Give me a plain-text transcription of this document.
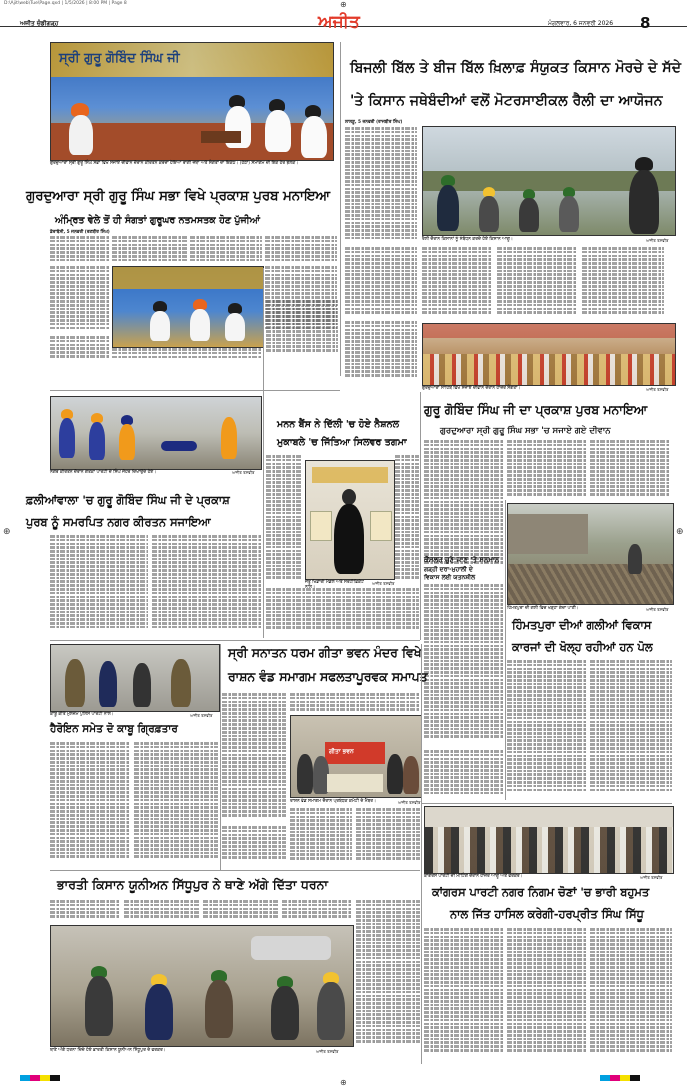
⊕	⊕
⊕
⊕
D:\Ajit\web\Tue\Page.qxd | 1/5/2026 | 8:00 PM | Page 8
ਅਜੀਤ ਚੰਡੀਗੜ੍ਹ	ਅਜੀਤ	ਮੰਗਲਵਾਰ, 6 ਜਨਵਰੀ 2026 8
ਸ੍ਰੀ ਗੁਰੂ ਗੋਬਿੰਦ ਸਿੰਘ ਜੀ
ਗੁਰਦੁਆਰਾ ਸ੍ਰੀ ਗੁਰੂ ਸਿੰਘ ਸਭਾ ਵਿਖੇ ਸਜਾਏ ਦੀਵਾਨ ਦੌਰਾਨ ਕੀਰਤਨ ਕਰਦਾ ਹੋਇਆ ਰਾਗੀ ਜਥਾ ਅਤੇ ਸੰਗਤਾਂ ਦਾ ਇਕੱਠ। (ਹੇਠਾਂ) ਸਮਾਗਮ ਦੀ ਇਕ ਹੋਰ ਝਲਕ।
ਗੁਰਦੁਆਰਾ ਸ੍ਰੀ ਗੁਰੂ ਸਿੰਘ ਸਭਾ ਵਿਖੇ ਪ੍ਰਕਾਸ਼ ਪੁਰਬ ਮਨਾਇਆ
ਅੰਮ੍ਰਿਤ ਵੇਲੇ ਤੋਂ ਹੀ ਸੰਗਤਾਂ ਗੁਰੂਘਰ ਨਤਮਸਤਕ ਹੋਣ ਪੁੱਜੀਆਂ
ਡੇਰਾਬੱਸੀ, 5 ਜਨਵਰੀ (ਰਣਬੀਰ ਸਿੰਘ)

ਬਿਜਲੀ ਬਿੱਲ ਤੇ ਬੀਜ ਬਿੱਲ ਖ਼ਿਲਾਫ਼ ਸੰਯੁਕਤ ਕਿਸਾਨ ਮੋਰਚੇ ਦੇ ਸੱਦੇ
'ਤੇ ਕਿਸਾਨ ਜਥੇਬੰਦੀਆਂ ਵਲੋਂ ਮੋਟਰਸਾਈਕਲ ਰੈਲੀ ਦਾ ਆਯੋਜਨ
ਲਾਲੜੂ, 5 ਜਨਵਰੀ (ਰਾਜਬੀਰ ਸਿੰਘ)

ਰੈਲੀ ਦੌਰਾਨ ਕਿਸਾਨਾਂ ਨੂੰ ਸੰਬੋਧਨ ਕਰਦੇ ਹੋਏ ਕਿਸਾਨ ਆਗੂ।	ਅਜੀਤ ਤਸਵੀਰ

ਗੁਰਦੁਆਰਾ ਸਾਹਿਬ ਵਿਖੇ ਸਜਾਏ ਦੀਵਾਨ ਦੌਰਾਨ ਹਾਜ਼ਰ ਸੰਗਤਾਂ।	ਅਜੀਤ ਤਸਵੀਰ
ਗੁਰੂ ਗੋਬਿੰਦ ਸਿੰਘ ਜੀ ਦਾ ਪ੍ਰਕਾਸ਼ ਪੁਰਬ ਮਨਾਇਆ
ਗੁਰਦੁਆਰਾ ਸ੍ਰੀ ਗੁਰੂ ਸਿੰਘ ਸਭਾ 'ਚ ਸਜਾਏ ਗਏ ਦੀਵਾਨ

ਕੌਂਸਲਰ ਚੁਣੇ ਜਾਣ 'ਤੇ ਸਨਮਾਨ
ਗੜ੍ਹੀ ਦਰਾ-ਮੁਹਾਲੀ ਦੇ
ਵਿਕਾਸ ਲਈ ਯਤਨਸ਼ੀਲ

ਹਿੰਮਤਪੁਰਾ ਦੀ ਗਲੀ ਵਿਚ ਖੜ੍ਹਾ ਗੰਦਾ ਪਾਣੀ।	ਅਜੀਤ ਤਸਵੀਰ
ਹਿੰਮਤਪੁਰਾ ਦੀਆਂ ਗਲੀਆਂ ਵਿਕਾਸ
ਕਾਰਜਾਂ ਦੀ ਖੋਲ੍ਹ ਰਹੀਆਂ ਹਨ ਪੋਲ

ਨਗਰ ਕੀਰਤਨ ਦੌਰਾਨ ਗਤਕਾ ਪਾਰਟੀ ਦੇ ਸਿੰਘ ਜੌਹਰ ਦਿਖਾਉਂਦੇ ਹੋਏ।	ਅਜੀਤ ਤਸਵੀਰ
ਫ਼ਲੀਆਂਵਾਲਾ 'ਚ ਗੁਰੂ ਗੋਬਿੰਦ ਸਿੰਘ ਜੀ ਦੇ ਪ੍ਰਕਾਸ਼
ਪੁਰਬ ਨੂੰ ਸਮਰਪਿਤ ਨਗਰ ਕੀਰਤਨ ਸਜਾਇਆ

ਮਨਨ ਬੈਂਸ ਨੇ ਦਿੱਲੀ 'ਚ ਹੋਏ ਨੈਸ਼ਨਲ
ਮੁਕਾਬਲੇ 'ਚ ਜਿੱਤਿਆ ਸਿਲਵਰ ਤਗਮਾ

ਜੇਤੂ ਖਿਡਾਰੀ ਮੈਡਲ ਅਤੇ ਸਰਟੀਫ਼ਿਕੇਟ	ਅਜੀਤ ਤਸਵੀਰ

ਸ੍ਰੀ ਸਨਾਤਨ ਧਰਮ ਗੀਤਾ ਭਵਨ ਮੰਦਰ ਵਿਖੇ
ਰਾਸ਼ਨ ਵੰਡ ਸਮਾਗਮ ਸਫਲਤਾਪੂਰਵਕ ਸਮਾਪਤ

ਗੀਤਾ ਭਵਨ
ਰਾਸ਼ਨ ਵੰਡ ਸਮਾਗਮ ਦੌਰਾਨ ਪ੍ਰਬੰਧਕ ਕਮੇਟੀ ਦੇ ਮੈਂਬਰ।	ਅਜੀਤ ਤਸਵੀਰ

ਕਾਬੂ ਕੀਤੇ ਮੁਲਜ਼ਮ ਪੁਲਿਸ ਪਾਰਟੀ ਨਾਲ।	ਅਜੀਤ ਤਸਵੀਰ
ਹੈਰੋਇਨ ਸਮੇਤ ਦੋ ਕਾਬੂ ਗ੍ਰਿਫ਼ਤਾਰ

ਕਾਂਗਰਸ ਪਾਰਟੀ ਦੀ ਮੀਟਿੰਗ ਦੌਰਾਨ ਹਾਜ਼ਰ ਆਗੂ ਅਤੇ ਵਰਕਰ।	ਅਜੀਤ ਤਸਵੀਰ
ਕਾਂਗਰਸ ਪਾਰਟੀ ਨਗਰ ਨਿਗਮ ਚੋਣਾਂ 'ਚ ਭਾਰੀ ਬਹੁਮਤ
ਨਾਲ ਜਿੱਤ ਹਾਸਿਲ ਕਰੇਗੀ-ਹਰਪ੍ਰੀਤ ਸਿੰਘ ਸਿੱਧੂ

ਭਾਰਤੀ ਕਿਸਾਨ ਯੂਨੀਅਨ ਸਿੱਧੂਪੁਰ ਨੇ ਥਾਣੇ ਅੱਗੇ ਦਿੱਤਾ ਧਰਨਾ

ਥਾਣੇ ਅੱਗੇ ਧਰਨਾ ਦਿੰਦੇ ਹੋਏ ਭਾਰਤੀ ਕਿਸਾਨ ਯੂਨੀਅਨ ਸਿੱਧੂਪੁਰ ਦੇ ਵਰਕਰ।	ਅਜੀਤ ਤਸਵੀਰ
